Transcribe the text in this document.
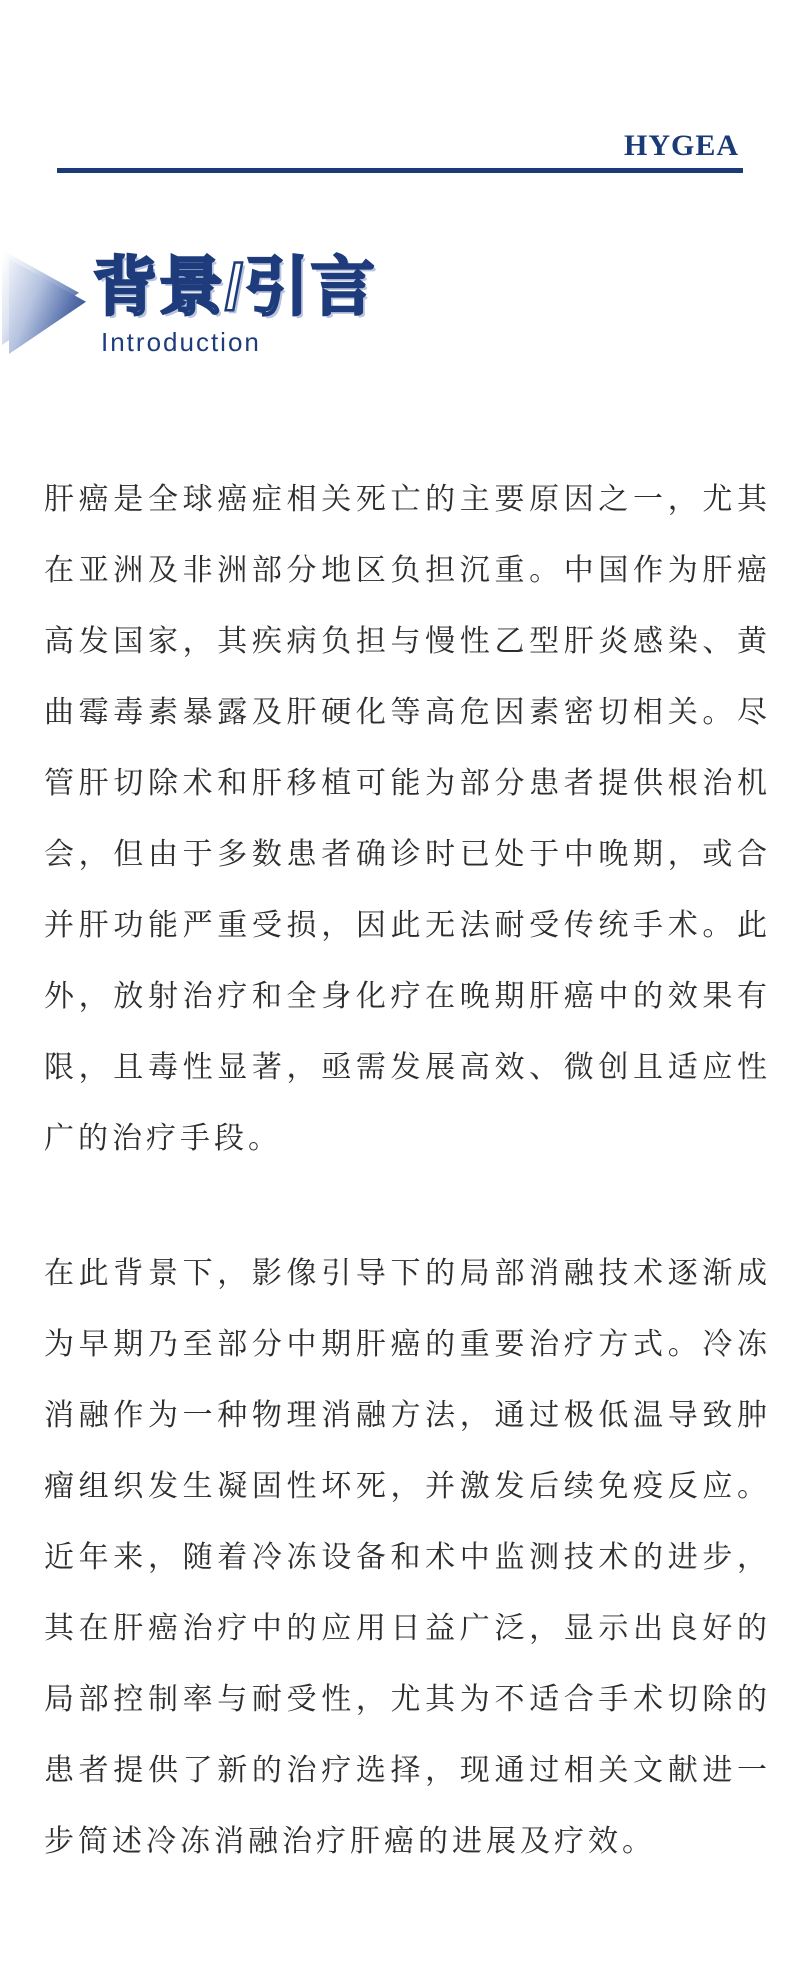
HYGEA
背景/引言
Introduction

肝癌是全球癌症相关死亡的主要原因之一，尤其在亚洲及非洲部分地区负担沉重。中国作为肝癌高发国家，其疾病负担与慢性乙型肝炎感染、黄曲霉毒素暴露及肝硬化等高危因素密切相关。尽管肝切除术和肝移植可能为部分患者提供根治机会，但由于多数患者确诊时已处于中晚期，或合并肝功能严重受损，因此无法耐受传统手术。此外，放射治疗和全身化疗在晚期肝癌中的效果有限，且毒性显著，亟需发展高效、微创且适应性广的治疗手段。

在此背景下，影像引导下的局部消融技术逐渐成为早期乃至部分中期肝癌的重要治疗方式。冷冻消融作为一种物理消融方法，通过极低温导致肿瘤组织发生凝固性坏死，并激发后续免疫反应。近年来，随着冷冻设备和术中监测技术的进步，其在肝癌治疗中的应用日益广泛，显示出良好的局部控制率与耐受性，尤其为不适合手术切除的患者提供了新的治疗选择，现通过相关文献进一步简述冷冻消融治疗肝癌的进展及疗效。
